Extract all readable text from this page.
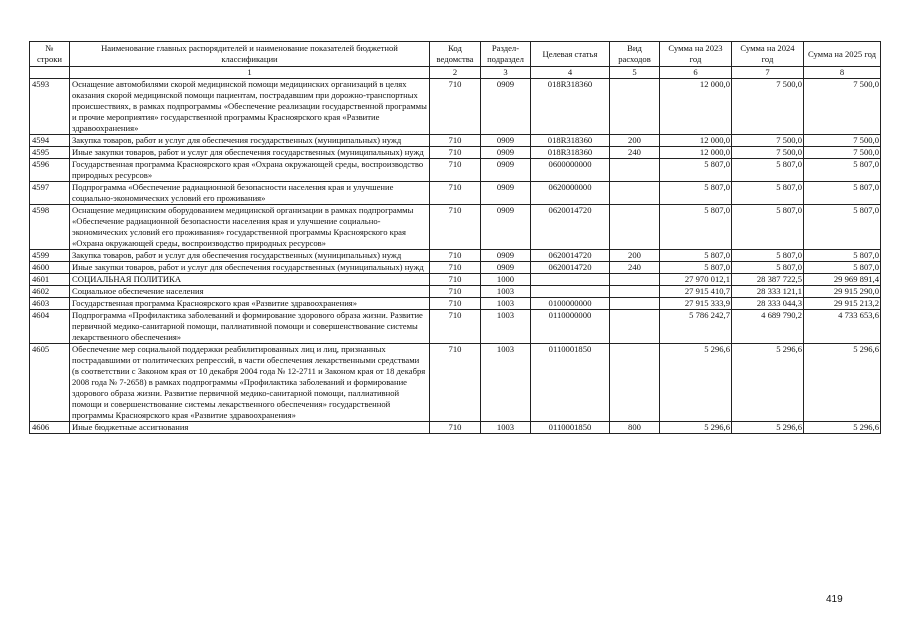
№ строки	Наименование главных распорядителей и наименование показателей бюджетной классификации	Код ведомства	Раздел-подраздел	Целевая статья	Вид расходов	Сумма на 2023 год	Сумма на 2024 год	Сумма на 2025 год
	1	2	3	4	5	6	7	8
4593	Оснащение автомобилями скорой медицинской помощи медицинских организаций в целях оказания скорой медицинской помощи пациентам, пострадавшим при дорожно-транспортных происшествиях, в рамках подпрограммы «Обеспечение реализации государственной программы и прочие мероприятия» государственной программы Красноярского края «Развитие здравоохранения»	710	0909	018R318360		12 000,0	7 500,0	7 500,0
4594	Закупка товаров, работ и услуг для обеспечения государственных (муниципальных) нужд	710	0909	018R318360	200	12 000,0	7 500,0	7 500,0
4595	Иные закупки товаров, работ и услуг для обеспечения государственных (муниципальных) нужд	710	0909	018R318360	240	12 000,0	7 500,0	7 500,0
4596	Государственная программа Красноярского края «Охрана окружающей среды, воспроизводство природных ресурсов»	710	0909	0600000000		5 807,0	5 807,0	5 807,0
4597	Подпрограмма «Обеспечение радиационной безопасности населения края и улучшение социально-экономических условий его проживания»	710	0909	0620000000		5 807,0	5 807,0	5 807,0
4598	Оснащение медицинским оборудованием медицинской организации в рамках подпрограммы «Обеспечение радиационной безопасности населения края и улучшение социально-экономических условий его проживания» государственной программы Красноярского края «Охрана окружающей среды, воспроизводство природных ресурсов»	710	0909	0620014720		5 807,0	5 807,0	5 807,0
4599	Закупка товаров, работ и услуг для обеспечения государственных (муниципальных) нужд	710	0909	0620014720	200	5 807,0	5 807,0	5 807,0
4600	Иные закупки товаров, работ и услуг для обеспечения государственных (муниципальных) нужд	710	0909	0620014720	240	5 807,0	5 807,0	5 807,0
4601	СОЦИАЛЬНАЯ ПОЛИТИКА	710	1000			27 970 012,1	28 387 722,5	29 969 891,4
4602	Социальное обеспечение населения	710	1003			27 915 410,7	28 333 121,1	29 915 290,0
4603	Государственная программа Красноярского края «Развитие здравоохранения»	710	1003	0100000000		27 915 333,9	28 333 044,3	29 915 213,2
4604	Подпрограмма «Профилактика заболеваний и формирование здорового образа жизни. Развитие первичной медико-санитарной помощи, паллиативной помощи и совершенствование системы лекарственного обеспечения»	710	1003	0110000000		5 786 242,7	4 689 790,2	4 733 653,6
4605	Обеспечение мер социальной поддержки реабилитированных лиц и лиц, признанных пострадавшими от политических репрессий, в части обеспечения лекарственными средствами (в соответствии с Законом края от 10 декабря 2004 года № 12-2711 и Законом края от 18 декабря 2008 года № 7-2658) в рамках подпрограммы «Профилактика заболеваний и формирование здорового образа жизни. Развитие первичной медико-санитарной помощи, паллиативной помощи и совершенствование системы лекарственного обеспечения» государственной программы Красноярского края «Развитие здравоохранения»	710	1003	0110001850		5 296,6	5 296,6	5 296,6
4606	Иные бюджетные ассигнования	710	1003	0110001850	800	5 296,6	5 296,6	5 296,6
419
